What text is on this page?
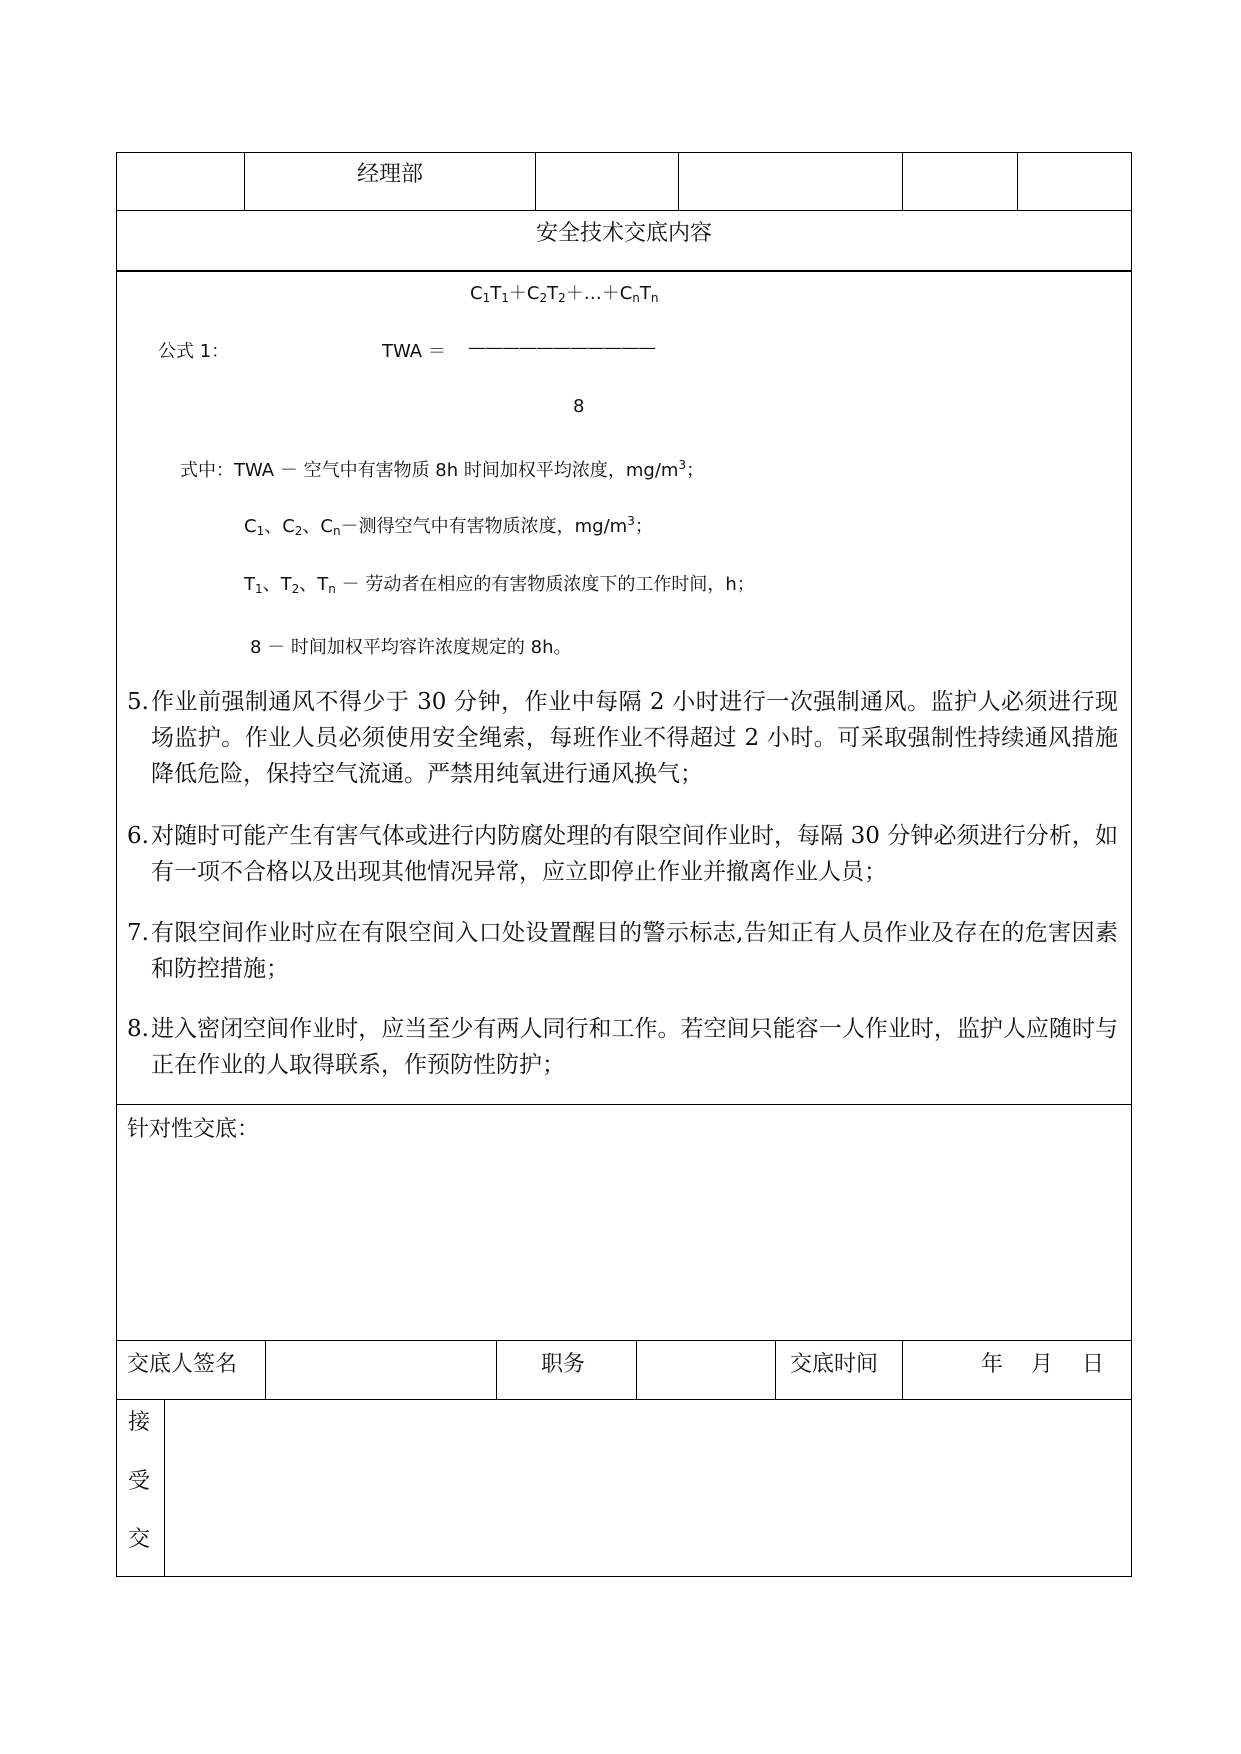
经理部
安全技术交底内容
$C_1T_1+C_2T_2+\dots+C_nT_n$
公式 1：	TWA ＝ ———————————
8
式中：TWA － 空气中有害物质 8h 时间加权平均浓度，$mg/m^3$；
$C_1$、$C_2$、$C_n-$测得空气中有害物质浓度，$mg/m^3$；
$T_1$、$T_2$、$T_n$ － 劳动者在相应的有害物质浓度下的工作时间，h；
8 － 时间加权平均容许浓度规定的 8h。
5. 作业前强制通风不得少于 30 分钟，作业中每隔 2 小时进行一次强制通风。监护人必须进行现场监护。作业人员必须使用安全绳索，每班作业不得超过 2 小时。可采取强制性持续通风措施降低危险，保持空气流通。严禁用纯氧进行通风换气；
6. 对随时可能产生有害气体或进行内防腐处理的有限空间作业时，每隔 30 分钟必须进行分析，如有一项不合格以及出现其他情况异常，应立即停止作业并撤离作业人员；
7. 有限空间作业时应在有限空间入口处设置醒目的警示标志,告知正有人员作业及存在的危害因素和防控措施；
8. 进入密闭空间作业时，应当至少有两人同行和工作。若空间只能容一人作业时，监护人应随时与正在作业的人取得联系，作预防性防护；
针对性交底：
交底人签名	职务	交底时间	年 月 日
接
受
交
